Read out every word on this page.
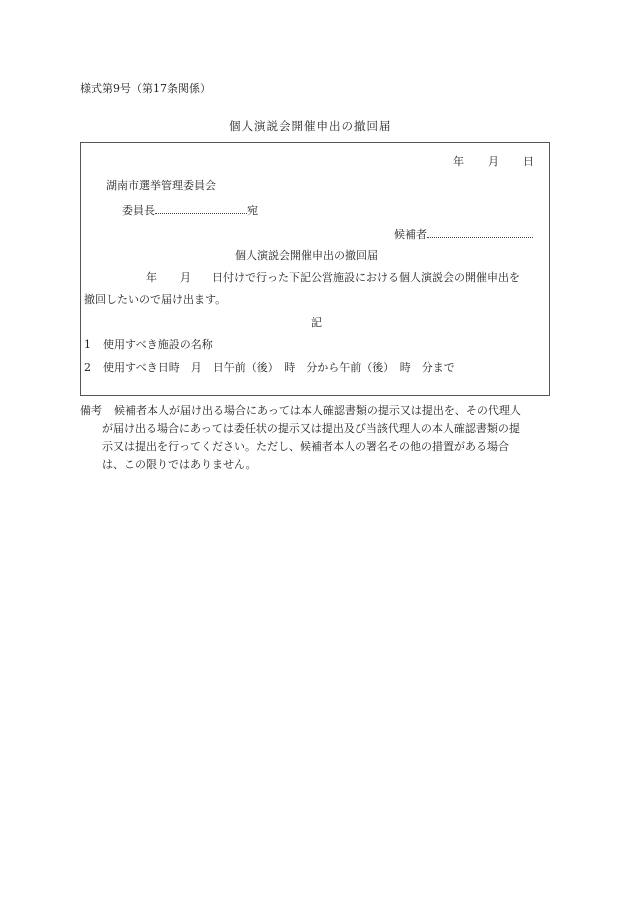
様式第9号（第17条関係）
個人演説会開催申出の撤回届
年 月 日
湖南市選挙管理委員会
委員長	宛
候補者
個人演説会開催申出の撤回届
年 月 日付けで行った下記公営施設における個人演説会の開催申出を
撤回したいので届け出ます。
記
1 使用すべき施設の名称
2 使用すべき日時　月　日午前（後）　時　分から午前（後）　時　分まで
備考 候補者本人が届け出る場合にあっては本人確認書類の提示又は提出を、その代理人
が届け出る場合にあっては委任状の提示又は提出及び当該代理人の本人確認書類の提
示又は提出を行ってください。ただし、候補者本人の署名その他の措置がある場合
は、この限りではありません。
